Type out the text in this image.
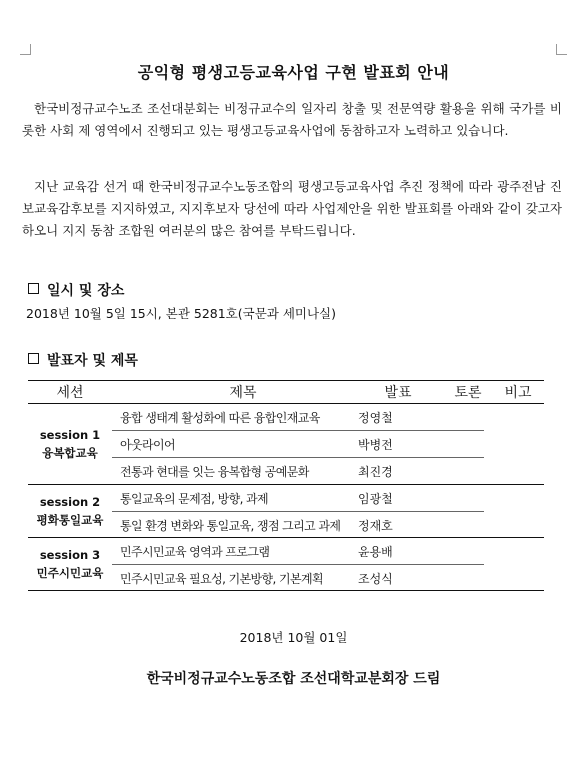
공익형 평생고등교육사업 구현 발표회 안내

한국비정규교수노조 조선대분회는 비정규교수의 일자리 창출 및 전문역량 활용을 위해 국가를 비롯한 사회 제 영역에서 진행되고 있는 평생고등교육사업에 동참하고자 노력하고 있습니다.

지난 교육감 선거 때 한국비정규교수노동조합의 평생고등교육사업 추진 정책에 따라 광주전남 진보교육감후보를 지지하였고, 지지후보자 당선에 따라 사업제안을 위한 발표회를 아래와 같이 갖고자 하오니 지지 동참 조합원 여러분의 많은 참여를 부탁드립니다.

일시 및 장소
2018년 10월 5일 15시, 본관 5281호(국문과 세미나실)
발표자 및 제목
세션	제목	발표	토론	비고
session 1
융복합교육
융합 생태계 활성화에 따른 융합인재교육	정영철
아웃라이어	박병전
전통과 현대를 잇는 융복합형 공예문화	최진경
session 2
평화통일교육
통일교육의 문제점, 방향, 과제	임광철
통일 환경 변화와 통일교육, 쟁점 그리고 과제 정재호
session 3
민주시민교육
민주시민교육 영역과 프로그램	윤용배
민주시민교육 필요성, 기본방향, 기본계획	조성식
2018년 10월 01일
한국비정규교수노동조합 조선대학교분회장 드림
